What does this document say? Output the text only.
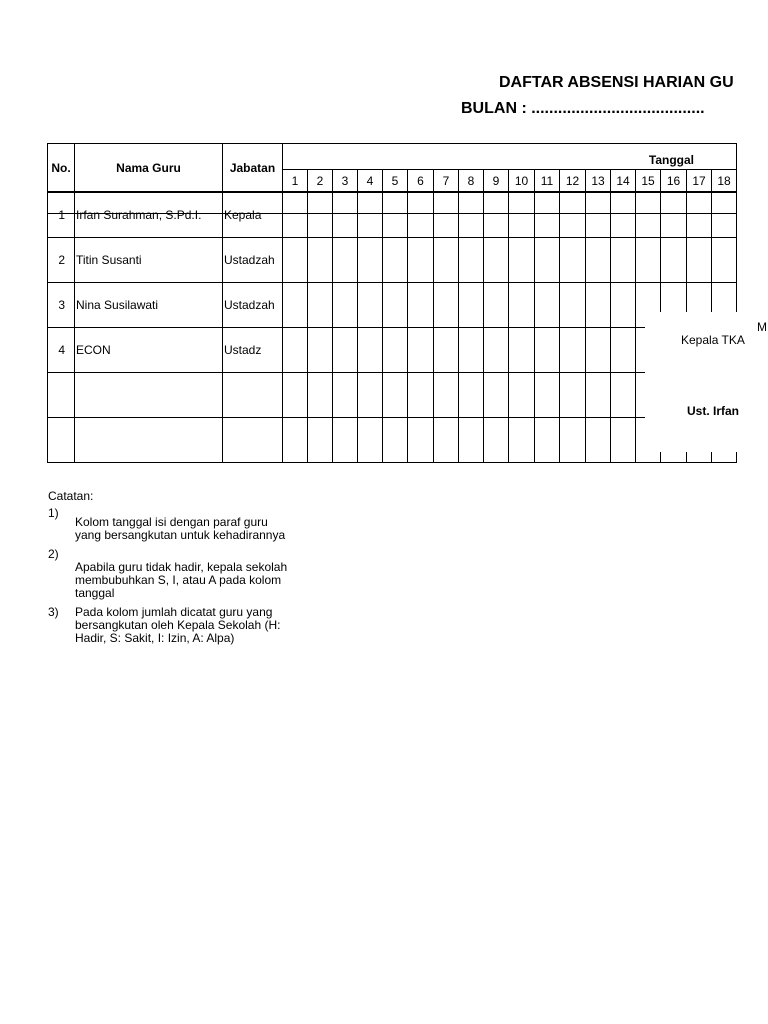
DAFTAR ABSENSI HARIAN GU
BULAN : .......................................
No.	Nama Guru	Jabatan	Tanggal																	
			1	2	3	4	5	6	7	8	9	10	11	12	13	14	15	16	17	18

1	Irfan Surahman, S.Pd.I.	Kepala																		
2	Titin Susanti	Ustadzah																		
3	Nina Susilawati	Ustadzah																		
4	ECON	Ustadz																		

M
Kepala TKA
Ust. Irfan
Catatan:
1)
Kolom tanggal isi dengan paraf guru yang bersangkutan untuk kehadirannya
2)
Apabila guru tidak hadir, kepala sekolah membubuhkan S, I, atau A pada kolom tanggal
3)	Pada kolom jumlah dicatat guru yang bersangkutan oleh Kepala Sekolah (H: Hadir, S: Sakit, I: Izin, A: Alpa)
